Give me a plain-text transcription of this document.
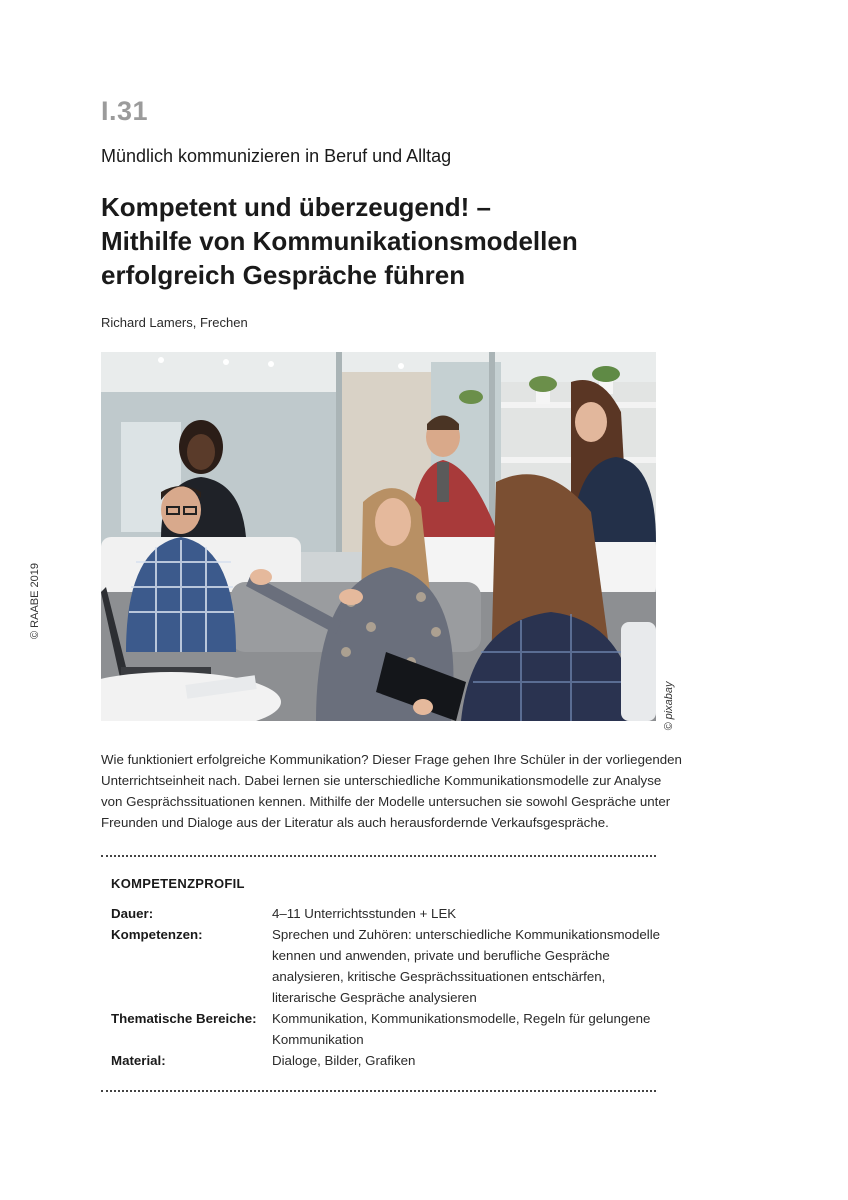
I.31
Mündlich kommunizieren in Beruf und Alltag
Kompetent und überzeugend! –
Mithilfe von Kommunikationsmodellen
erfolgreich Gespräche führen
Richard Lamers, Frechen
© RAABE 2019
© pixabay
Wie funktioniert erfolgreiche Kommunikation? Dieser Frage gehen Ihre Schüler in der vorliegenden
Unterrichtseinheit nach. Dabei lernen sie unterschiedliche Kommunikationsmodelle zur Analyse
von Gesprächssituationen kennen. Mithilfe der Modelle untersuchen sie sowohl Gespräche unter
Freunden und Dialoge aus der Literatur als auch herausfordernde Verkaufsgespräche.
KOMPETENZPROFIL
Dauer:	4–11 Unterrichtsstunden + LEK
Kompetenzen:	Sprechen und Zuhören: unterschiedliche Kommunikationsmodelle
kennen und anwenden, private und berufliche Gespräche
analysieren, kritische Gesprächssituationen entschärfen,
literarische Gespräche analysieren
Thematische Bereiche: Kommunikation, Kommunikationsmodelle, Regeln für gelungene
Kommunikation
Material:	Dialoge, Bilder, Grafiken
